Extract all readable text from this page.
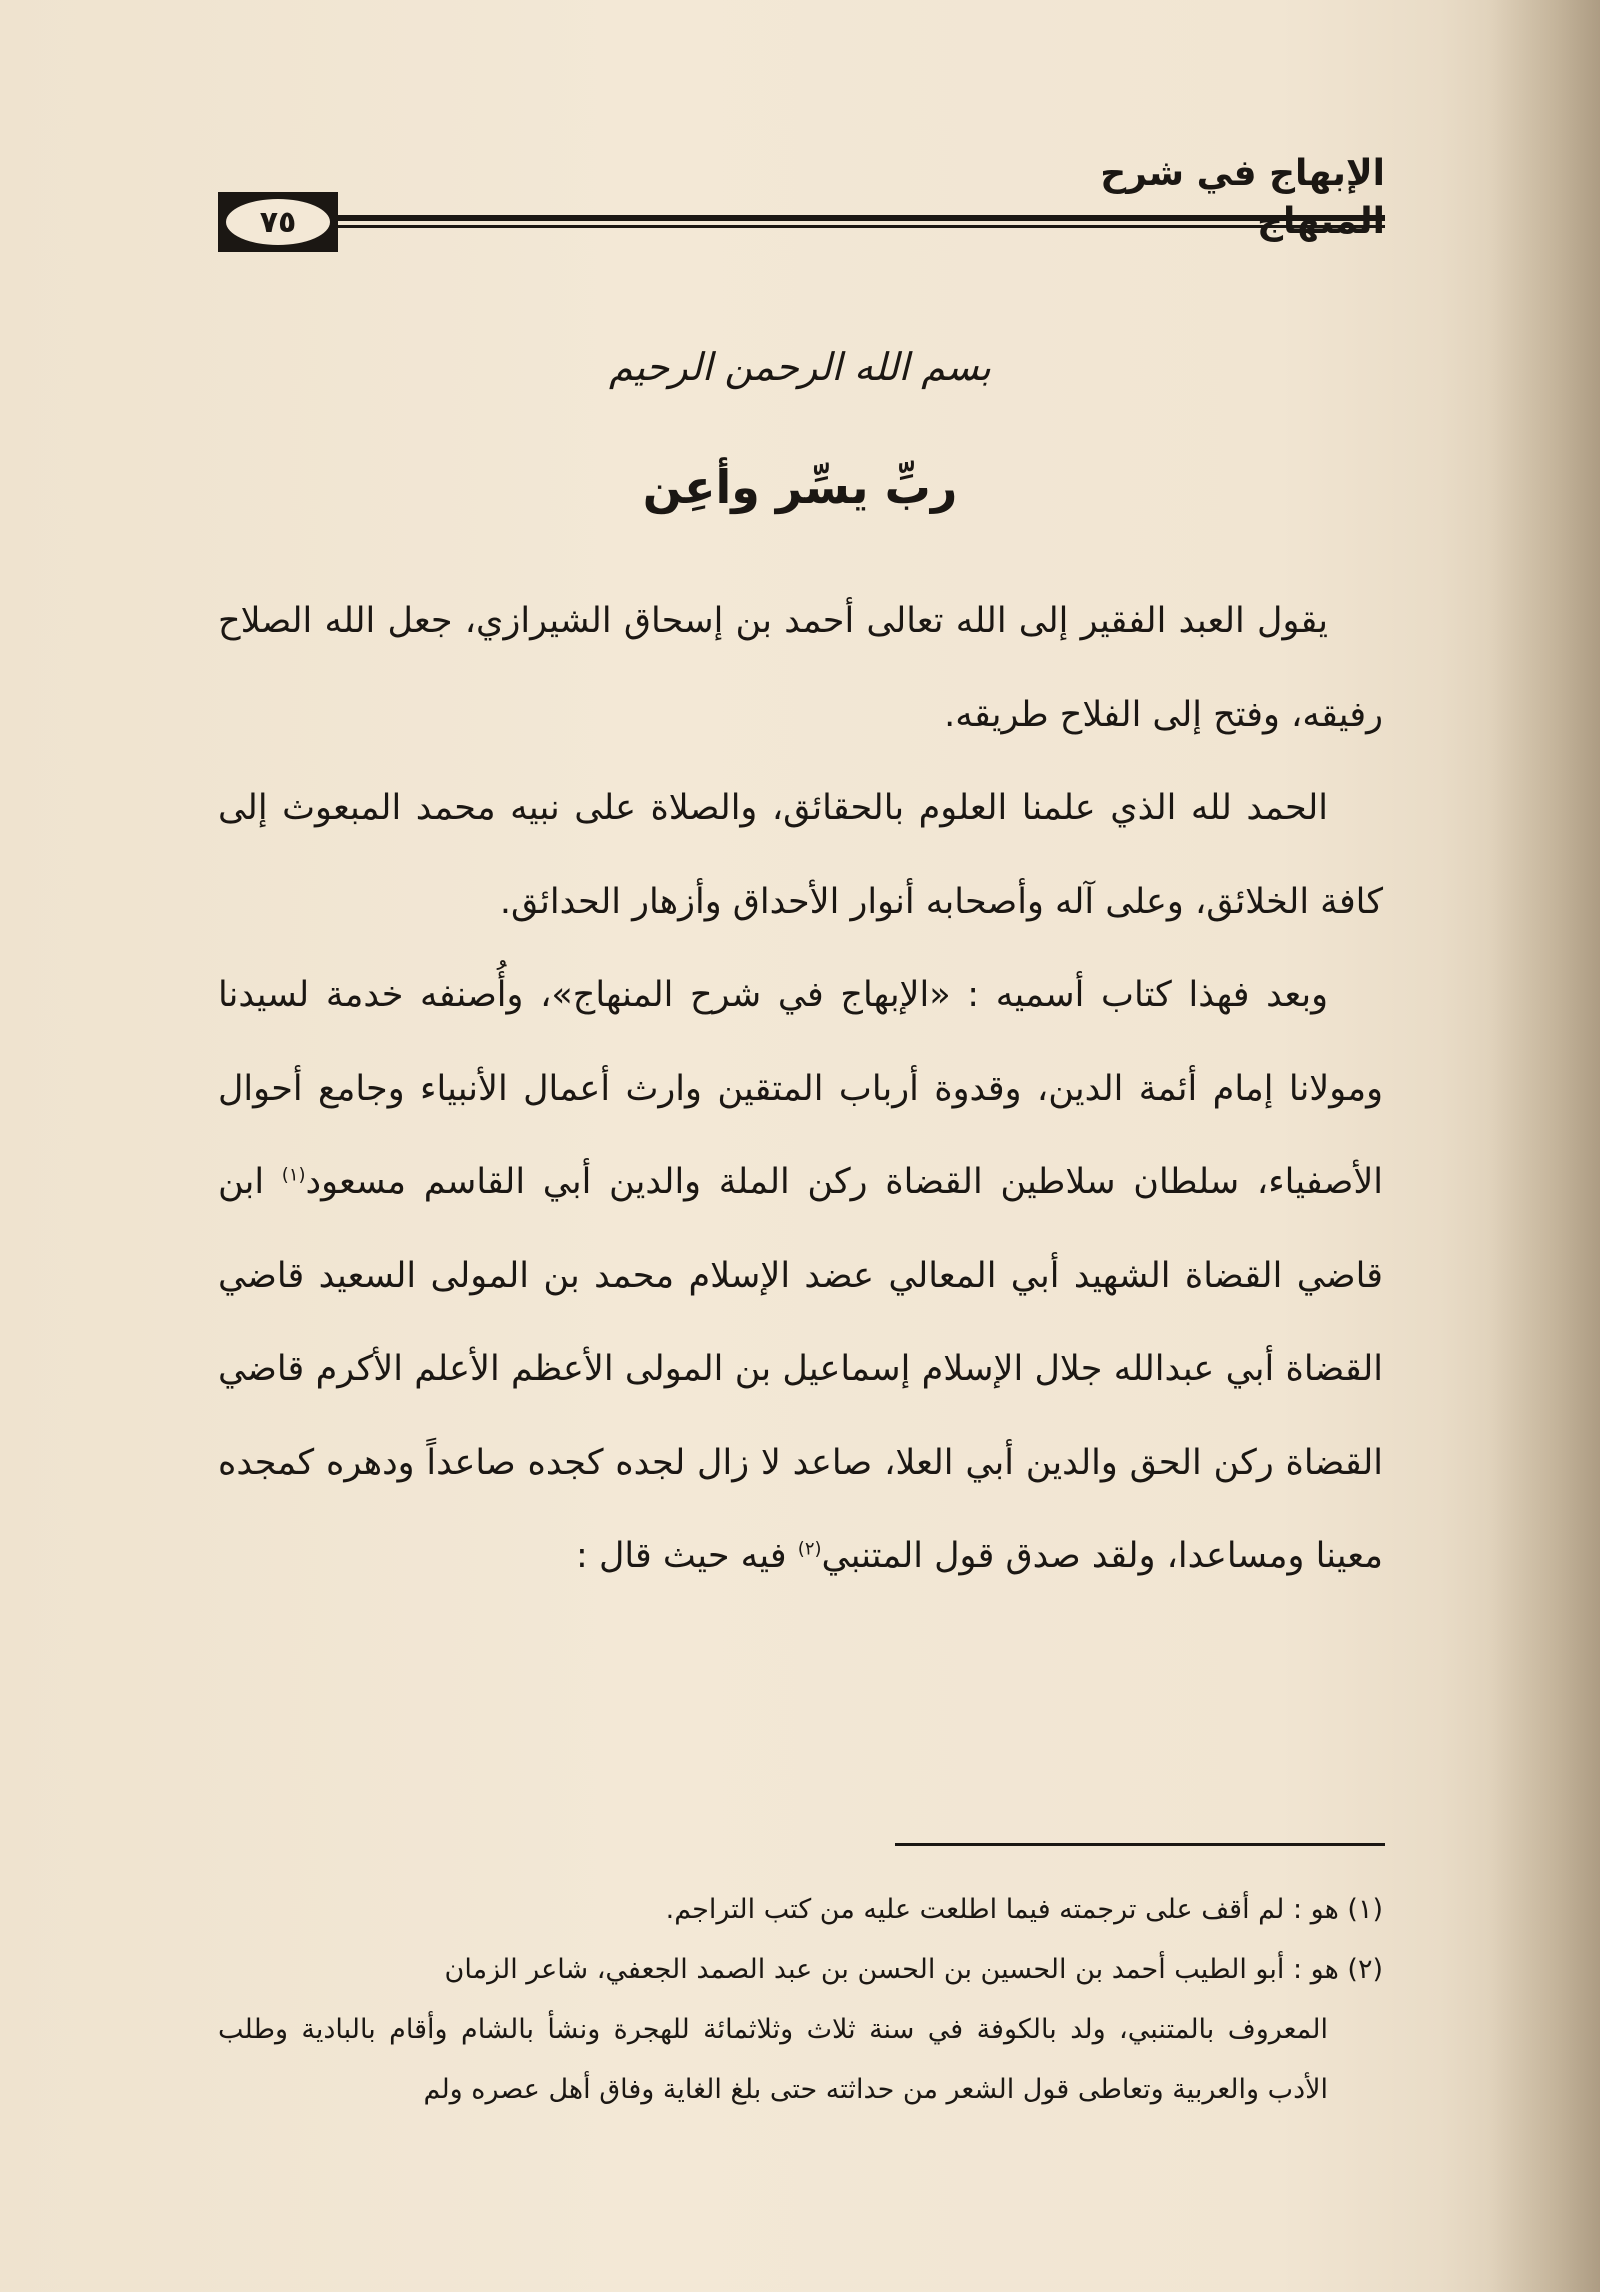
الإبهاج في شرح
٧٥
بسم الله الرحمن الرحيم
ربِّ يسِّر وأعِن

يقول العبد الفقير إلى الله تعالى أحمد بن إسحاق الشيرازي، جعل الله الصلاح رفيقه، وفتح إلى الفلاح طريقه.

الحمد لله الذي علمنا العلوم بالحقائق، والصلاة على نبيه محمد المبعوث إلى كافة الخلائق، وعلى آله وأصحابه أنوار الأحداق وأزهار الحدائق.

وبعد فهذا كتاب أسميه : «الإبهاج في شرح المنهاج»، وأُصنفه خدمة لسيدنا ومولانا إمام أئمة الدين، وقدوة أرباب المتقين وارث أعمال الأنبياء وجامع أحوال الأصفياء، سلطان سلاطين القضاة ركن الملة والدين أبي القاسم مسعود$^{(١)}$ ابن قاضي القضاة الشهيد أبي المعالي عضد الإسلام محمد بن المولى السعيد قاضي القضاة أبي عبدالله جلال الإسلام إسماعيل بن المولى الأعظم الأعلم الأكرم قاضي القضاة ركن الحق والدين أبي العلا، صاعد لا زال لجده كجده صاعداً ودهره كمجده معينا ومساعدا، ولقد صدق قول المتنبي$^{(٢)}$ فيه حيث قال :

(١) هو : لم أقف على ترجمته فيما اطلعت عليه من كتب التراجم.

(٢) هو : أبو الطيب أحمد بن الحسين بن الحسن بن عبد الصمد الجعفي، شاعر الزمان

المعروف بالمتنبي، ولد بالكوفة في سنة ثلاث وثلاثمائة للهجرة ونشأ بالشام وأقام بالبادية وطلب الأدب والعربية وتعاطى قول الشعر من حداثته حتى بلغ الغاية وفاق أهل عصره ولم
